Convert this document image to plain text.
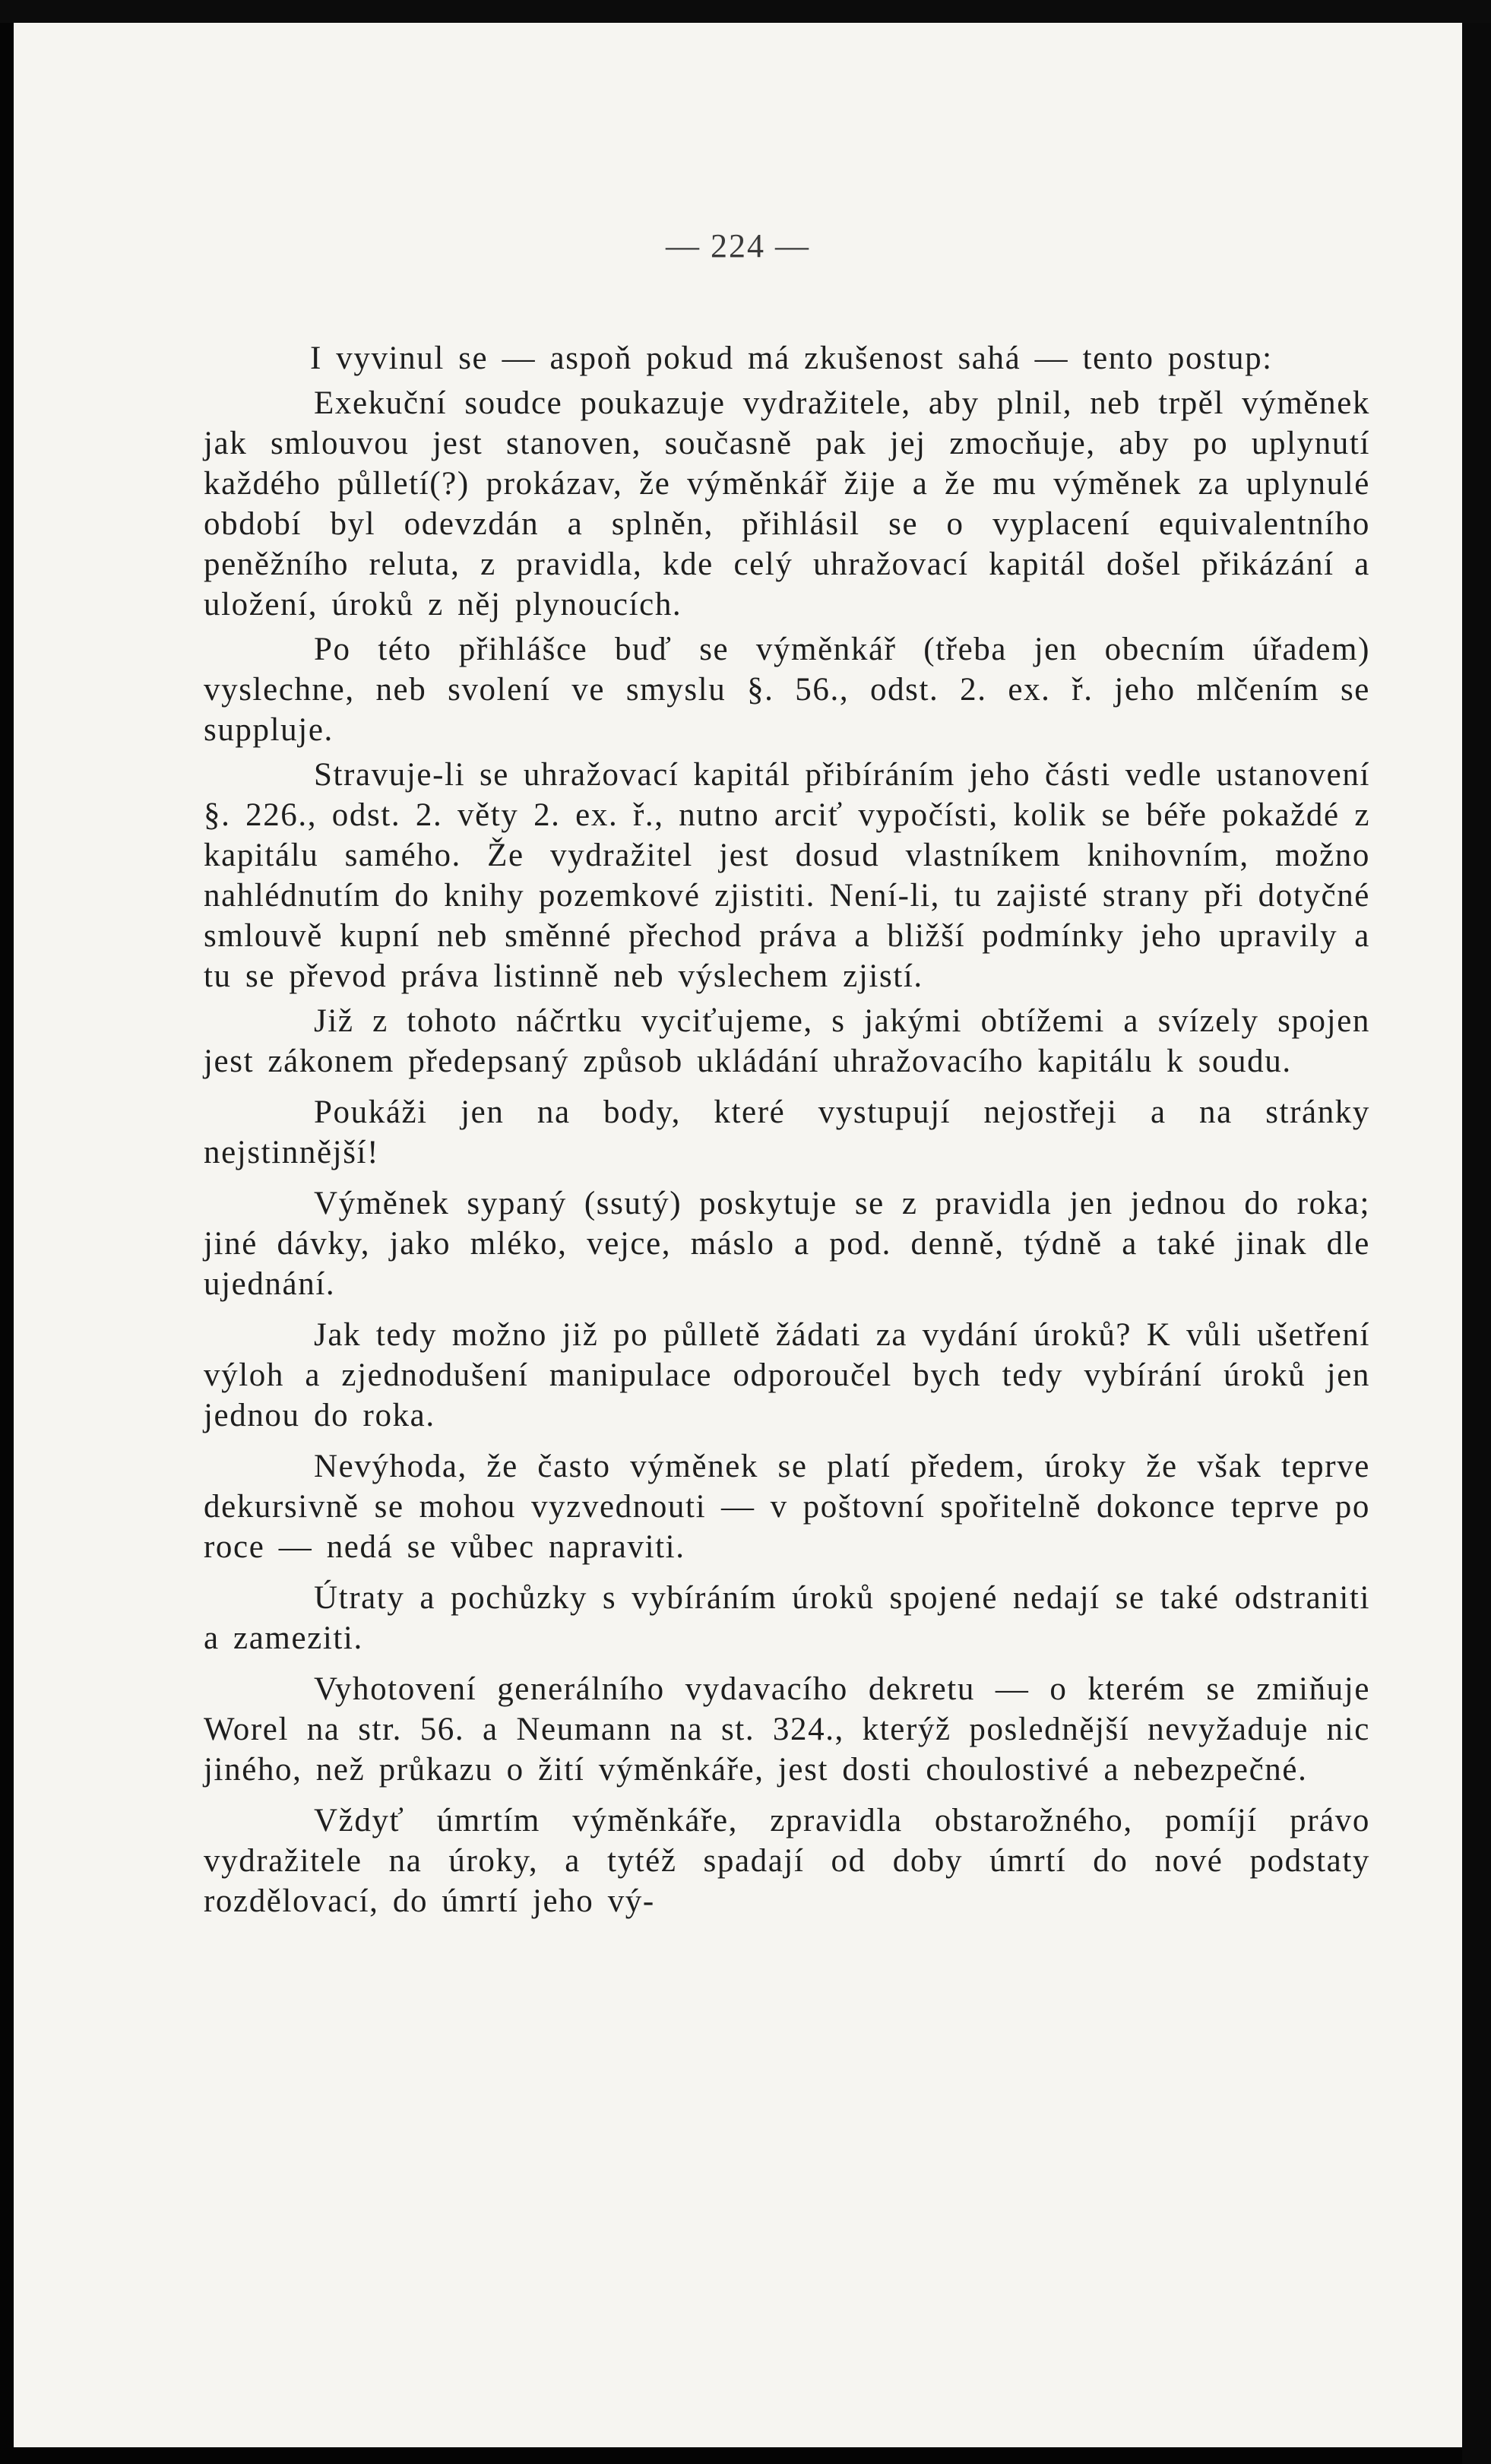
— 224 —

I vyvinul se — aspoň pokud má zkušenost sahá — tento postup:

Exekuční soudce poukazuje vydražitele, aby plnil, neb trpěl výměnek jak smlouvou jest stanoven, současně pak jej zmocňuje, aby po uplynutí každého půlletí(?) prokázav, že výměnkář žije a že mu výměnek za uplynulé období byl odevzdán a splněn, přihlásil se o vyplacení equivalentního peněžního reluta, z pravidla, kde celý uhražovací kapitál došel přikázání a uložení, úroků z něj plynoucích.

Po této přihlášce buď se výměnkář (třeba jen obecním úřadem) vyslechne, neb svolení ve smyslu §. 56., odst. 2. ex. ř. jeho mlčením se suppluje.

Stravuje-li se uhražovací kapitál přibíráním jeho části vedle ustanovení §. 226., odst. 2. věty 2. ex. ř., nutno arciť vypočísti, kolik se béře pokaždé z kapitálu samého. Že vydražitel jest dosud vlastníkem knihovním, možno nahlédnutím do knihy pozemkové zjistiti. Není-li, tu zajisté strany při dotyčné smlouvě kupní neb směnné přechod práva a bližší podmínky jeho upravily a tu se převod práva listinně neb výslechem zjistí.

Již z tohoto náčrtku vyciťujeme, s jakými obtížemi a svízely spojen jest zákonem předepsaný způsob ukládání uhražovacího kapitálu k soudu.

Poukáži jen na body, které vystupují nejostřeji a na stránky nejstinnější!

Výměnek sypaný (ssutý) poskytuje se z pravidla jen jednou do roka; jiné dávky, jako mléko, vejce, máslo a pod. denně, týdně a také jinak dle ujednání.

Jak tedy možno již po půlletě žádati za vydání úroků? K vůli ušetření výloh a zjednodušení manipulace odporoučel bych tedy vybírání úroků jen jednou do roka.

Nevýhoda, že často výměnek se platí předem, úroky že však teprve dekursivně se mohou vyzvednouti — v poštovní spořitelně dokonce teprve po roce — nedá se vůbec napraviti.

Útraty a pochůzky s vybíráním úroků spojené nedají se také odstraniti a zameziti.

Vyhotovení generálního vydavacího dekretu — o kterém se zmiňuje Worel na str. 56. a Neumann na st. 324., kterýž poslednější nevyžaduje nic jiného, než průkazu o žití výměnkáře, jest dosti choulostivé a nebezpečné.

Vždyť úmrtím výměnkáře, zpravidla obstarožného, pomíjí právo vydražitele na úroky, a tytéž spadají od doby úmrtí do nové podstaty rozdělovací, do úmrtí jeho vý-
